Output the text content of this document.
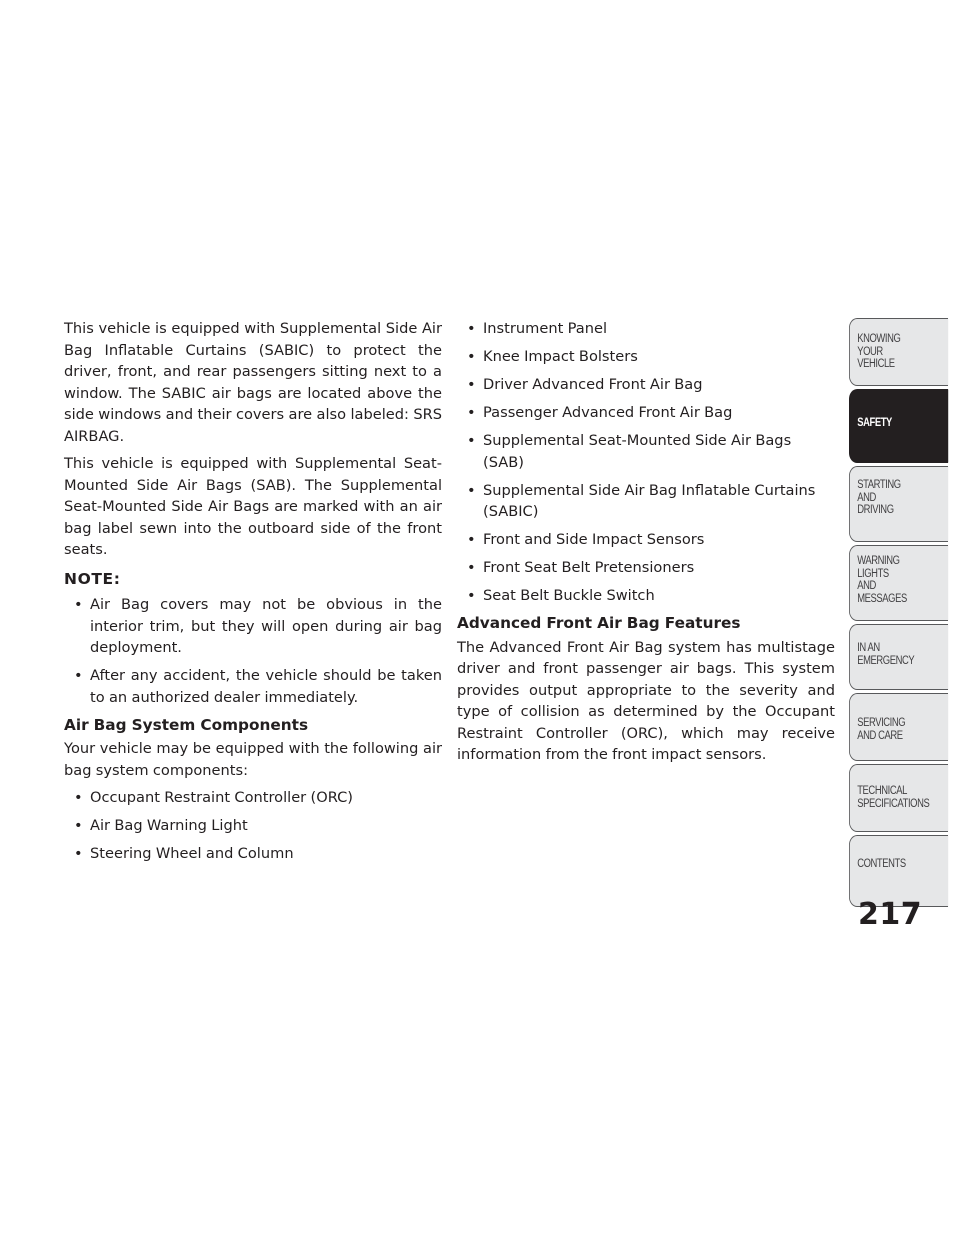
This vehicle is equipped with Supplemental Side Air Bag Inflatable Curtains (SABIC) to protect the driver, front, and rear passengers sitting next to a window. The SABIC air bags are located above the side windows and their covers are also labeled: SRS AIRBAG.

This vehicle is equipped with Supplemental Seat-Mounted Side Air Bags (SAB). The Supplemental Seat-Mounted Side Air Bags are marked with an air bag label sewn into the outboard side of the front seats.

NOTE:
• Air Bag covers may not be obvious in the interior trim, but they will open during air bag deployment.
• After any accident, the vehicle should be taken to an authorized dealer immediately.
Air Bag System Components

Your vehicle may be equipped with the following air bag system components:

• Occupant Restraint Controller (ORC)
• Air Bag Warning Light
• Steering Wheel and Column
• Instrument Panel
• Knee Impact Bolsters
• Driver Advanced Front Air Bag
• Passenger Advanced Front Air Bag
• Supplemental Seat-Mounted Side Air Bags (SAB)
• Supplemental Side Air Bag Inflatable Curtains (SABIC)
• Front and Side Impact Sensors
• Front Seat Belt Pretensioners
• Seat Belt Buckle Switch
Advanced Front Air Bag Features

The Advanced Front Air Bag system has multistage driver and front passenger air bags. This system provides output appropriate to the severity and type of collision as determined by the Occupant Restraint Controller (ORC), which may receive information from the front impact sensors.

KNOWING
YOUR
VEHICLE
SAFETY
STARTING
AND
DRIVING
WARNING
LIGHTS
AND
MESSAGES
IN AN
EMERGENCY
SERVICING
AND CARE
TECHNICAL
SPECIFICATIONS
CONTENTS
217
